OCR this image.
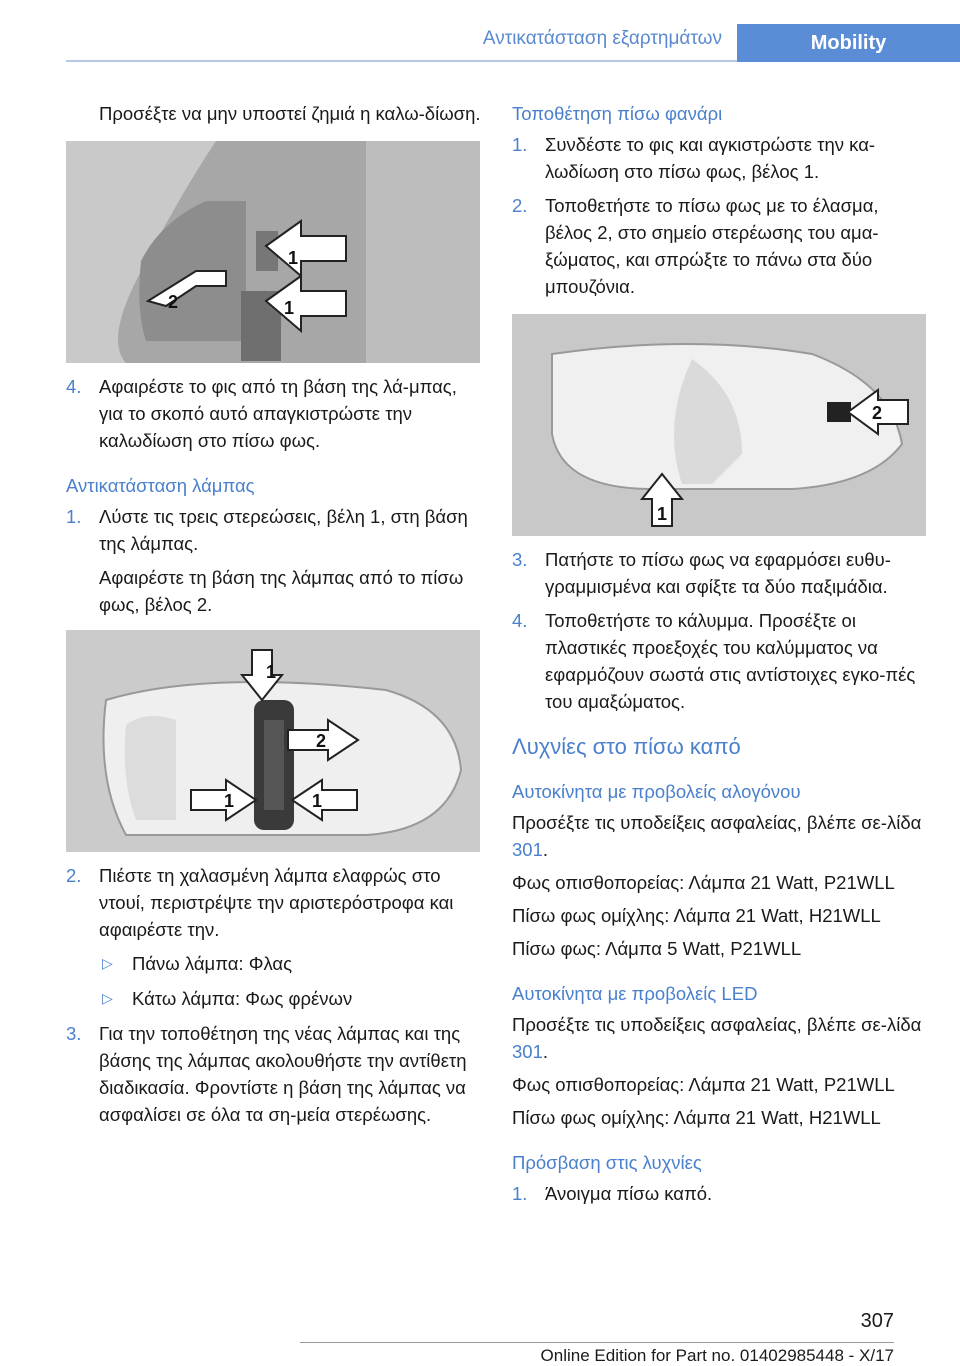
Αντικατάσταση εξαρτημάτων	Mobility

Προσέξτε να μην υποστεί ζημιά η καλω-δίωση.

1
2	1
4. Αφαιρέστε το φις από τη βάση της λά-μπας, για το σκοπό αυτό απαγκιστρώστε την καλωδίωση στο πίσω φως.
Αντικατάσταση λάμπας
1. Λύστε τις τρεις στερεώσεις, βέλη 1, στη βάση της λάμπας.

Αφαιρέστε τη βάση της λάμπας από το πίσω φως, βέλος 2.

1
2
1	1
2. Πιέστε τη χαλασμένη λάμπα ελαφρώς στο ντουί, περιστρέψτε την αριστερόστροφα και αφαιρέστε την.
▷ Πάνω λάμπα: Φλας
▷ Κάτω λάμπα: Φως φρένων
3. Για την τοποθέτηση της νέας λάμπας και της βάσης της λάμπας ακολουθήστε την αντίθετη διαδικασία. Φροντίστε η βάση της λάμπας να ασφαλίσει σε όλα τα ση-μεία στερέωσης.
Τοποθέτηση πίσω φανάρι
1. Συνδέστε το φις και αγκιστρώστε την κα-λωδίωση στο πίσω φως, βέλος 1.
2. Τοποθετήστε το πίσω φως με το έλασμα, βέλος 2, στο σημείο στερέωσης του αμα-ξώματος, και σπρώξτε το πάνω στα δύο μπουζόνια.
2
1
3. Πατήστε το πίσω φως να εφαρμόσει ευθυ-γραμμισμένα και σφίξτε τα δύο παξιμάδια.
4. Τοποθετήστε το κάλυμμα. Προσέξτε οι πλαστικές προεξοχές του καλύμματος να εφαρμόζουν σωστά στις αντίστοιχες εγκο-πές του αμαξώματος.
Λυχνίες στο πίσω καπό
Αυτοκίνητα με προβολείς αλογόνου

Προσέξτε τις υποδείξεις ασφαλείας, βλέπε σε-λίδα 301.

Φως οπισθοπορείας: Λάμπα 21 Watt, P21WLL

Πίσω φως ομίχλης: Λάμπα 21 Watt, H21WLL

Πίσω φως: Λάμπα 5 Watt, P21WLL

Αυτοκίνητα με προβολείς LED

Προσέξτε τις υποδείξεις ασφαλείας, βλέπε σε-λίδα 301.

Φως οπισθοπορείας: Λάμπα 21 Watt, P21WLL

Πίσω φως ομίχλης: Λάμπα 21 Watt, H21WLL

Πρόσβαση στις λυχνίες
1. Άνοιγμα πίσω καπό.
307
Online Edition for Part no. 01402985448 - X/17
